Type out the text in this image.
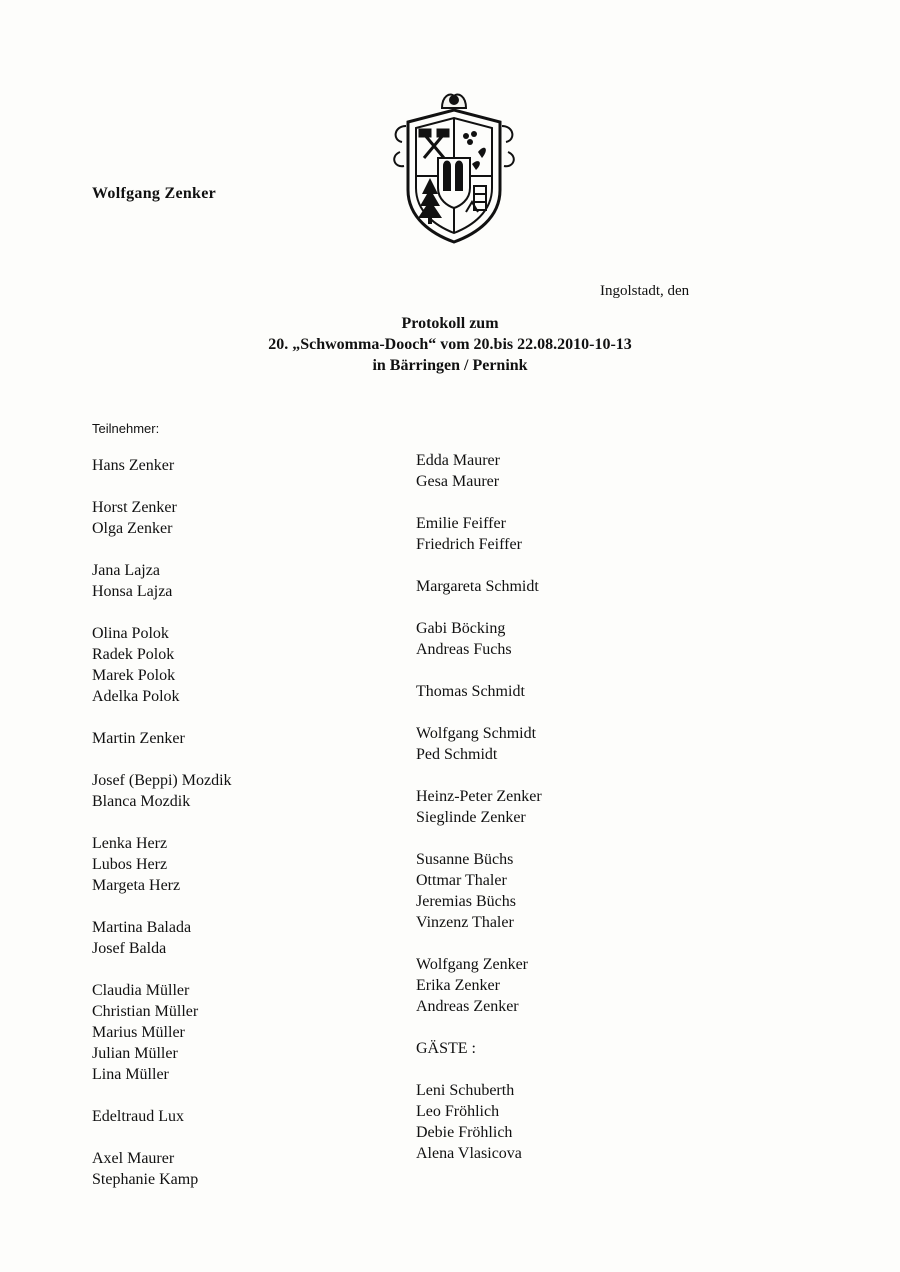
Wolfgang Zenker
Ingolstadt, den
Protokoll zum
20. „Schwomma-Dooch“ vom 20.bis 22.08.2010-10-13
in Bärringen / Pernink
Teilnehmer:
Hans Zenker
Horst Zenker
Olga Zenker
Jana Lajza
Honsa Lajza
Olina Polok
Radek Polok
Marek Polok
Adelka Polok
Martin Zenker
Josef (Beppi) Mozdik
Blanca Mozdik
Lenka Herz
Lubos Herz
Margeta Herz
Martina Balada
Josef Balda
Claudia Müller
Christian Müller
Marius Müller
Julian Müller
Lina Müller
Edeltraud Lux
Axel Maurer
Stephanie Kamp
Edda Maurer
Gesa Maurer
Emilie Feiffer
Friedrich Feiffer
Margareta Schmidt
Gabi Böcking
Andreas Fuchs
Thomas Schmidt
Wolfgang Schmidt
Ped Schmidt
Heinz-Peter Zenker
Sieglinde Zenker
Susanne Büchs
Ottmar Thaler
Jeremias Büchs
Vinzenz Thaler
Wolfgang Zenker
Erika Zenker
Andreas Zenker
GÄSTE :
Leni Schuberth
Leo Fröhlich
Debie Fröhlich
Alena Vlasicova
